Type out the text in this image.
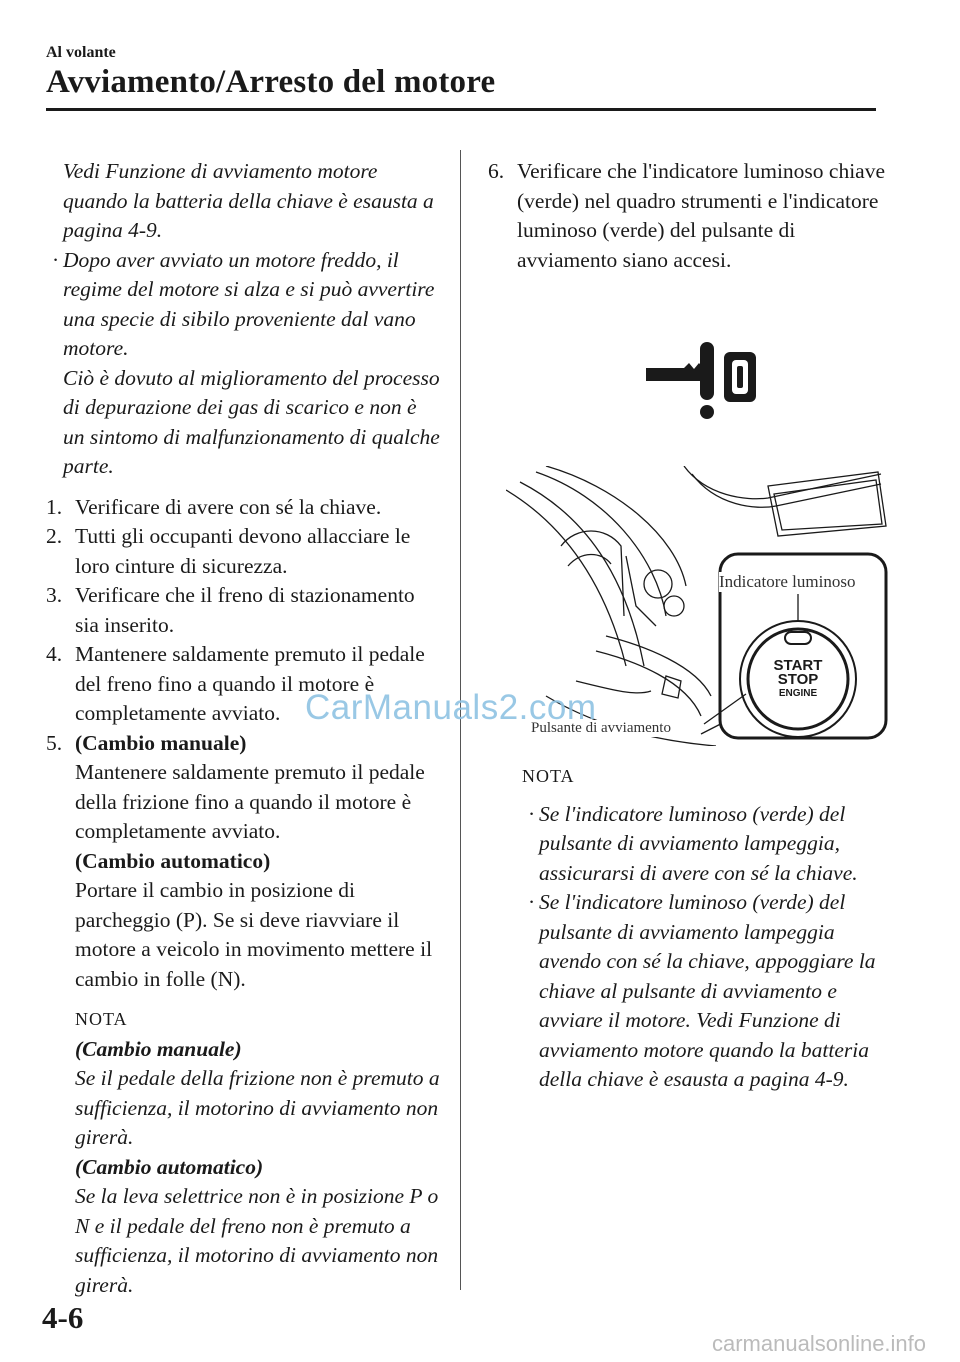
Al volante
Avviamento/Arresto del motore

Vedi Funzione di avviamento motore quando la batteria della chiave è esausta a pagina 4-9.

· Dopo aver avviato un motore freddo, il regime del motore si alza e si può avvertire una specie di sibilo proveniente dal vano motore.

Ciò è dovuto al miglioramento del processo di depurazione dei gas di scarico e non è un sintomo di malfunzionamento di qualche parte.

1. Verificare di avere con sé la chiave.

2. Tutti gli occupanti devono allacciare le loro cinture di sicurezza.

3. Verificare che il freno di stazionamento sia inserito.

4. Mantenere saldamente premuto il pedale del freno fino a quando il motore è completamente avviato.

5. (Cambio manuale)

Mantenere saldamente premuto il pedale della frizione fino a quando il motore è completamente avviato.

(Cambio automatico)

Portare il cambio in posizione di parcheggio (P). Se si deve riavviare il motore a veicolo in movimento mettere il cambio in folle (N).

NOTA

(Cambio manuale)

Se il pedale della frizione non è premuto a sufficienza, il motorino di avviamento non girerà.

(Cambio automatico)

Se la leva selettrice non è in posizione P o N e il pedale del freno non è premuto a sufficienza, il motorino di avviamento non girerà.

6. Verificare che l'indicatore luminoso chiave (verde) nel quadro strumenti e l'indicatore luminoso (verde) del pulsante di avviamento siano accesi.

START
STOP
ENGINE
Indicatore luminoso
Pulsante di avviamento
CarManuals2.com

NOTA

· Se l'indicatore luminoso (verde) del pulsante di avviamento lampeggia, assicurarsi di avere con sé la chiave.

· Se l'indicatore luminoso (verde) del pulsante di avviamento lampeggia avendo con sé la chiave, appoggiare la chiave al pulsante di avviamento e avviare il motore. Vedi Funzione di avviamento motore quando la batteria della chiave è esausta a pagina 4-9.

4-6
carmanualsonline.info
